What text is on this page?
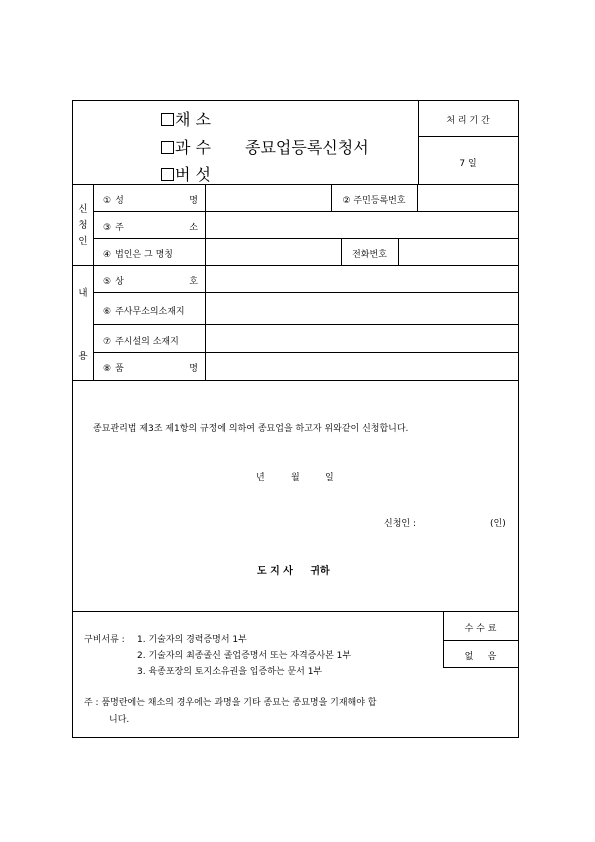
채 소
과 수
버 섯
종묘업등록신청서
처 리 기 간
7 일
신
청
인
① 성	명	② 주민등록번호
③ 주	소
④ 법인은 그 명칭	전화번호
내
용
⑤ 상	호
⑥ 주사무소의소재지
⑦ 주시설의 소재지
⑧ 품	명
종묘관리법 제3조 제1항의 규정에 의하여 종묘업을 하고자 위와같이 신청합니다.
년	월	일
신청인 :	(인)
도 지 사     귀하
구비서류 : 1. 기술자의 경력증명서 1부
2. 기술자의 최종졸신 졸업증명서 또는 자격증사본 1부
3. 육종포장의 토지소유권을 입증하는 문서 1부
수 수 료
없     음
주 : 품명란에는 채소의 경우에는 과명을 기타 종묘는 종묘명을 기재해야 합
니다.
